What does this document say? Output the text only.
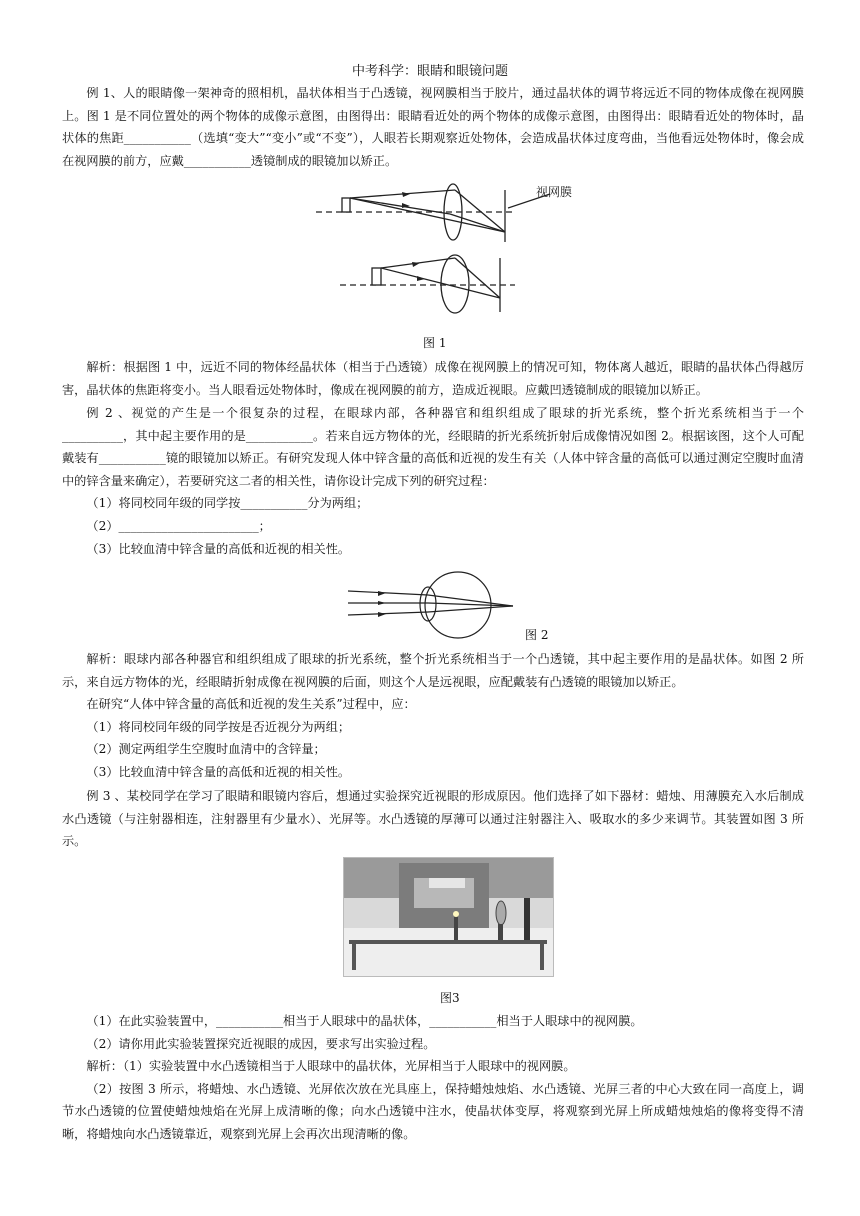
中考科学：眼睛和眼镜问题

例 1、人的眼睛像一架神奇的照相机，晶状体相当于凸透镜，视网膜相当于胶片，通过晶状体的调节将远近不同的物体成像在视网膜上。图 1 是不同位置处的两个物体的成像示意图，由图得出：眼睛看近处的两个物体的成像示意图，由图得出：眼睛看近处的物体时，晶状体的焦距___________（选填“变大”“变小”或“不变”），人眼若长期观察近处物体，会造成晶状体过度弯曲，当他看远处物体时，像会成在视网膜的前方，应戴___________透镜制成的眼镜加以矫正。

视网膜
图 1

解析：根据图 1 中，远近不同的物体经晶状体（相当于凸透镜）成像在视网膜上的情况可知，物体离人越近，眼睛的晶状体凸得越厉害，晶状体的焦距将变小。当人眼看远处物体时，像成在视网膜的前方，造成近视眼。应戴凹透镜制成的眼镜加以矫正。

例 2 、视觉的产生是一个很复杂的过程，在眼球内部，各种器官和组织组成了眼球的折光系统，整个折光系统相当于一个__________，其中起主要作用的是___________。若来自远方物体的光，经眼睛的折光系统折射后成像情况如图 2。根据该图，这个人可配戴装有___________镜的眼镜加以矫正。有研究发现人体中锌含量的高低和近视的发生有关（人体中锌含量的高低可以通过测定空腹时血清中的锌含量来确定），若要研究这二者的相关性，请你设计完成下列的研究过程：

（1）将同校同年级的同学按___________分为两组；

（2）_______________________；

（3）比较血清中锌含量的高低和近视的相关性。

图 2

解析：眼球内部各种器官和组织组成了眼球的折光系统，整个折光系统相当于一个凸透镜，其中起主要作用的是晶状体。如图 2 所示，来自远方物体的光，经眼睛折射成像在视网膜的后面，则这个人是远视眼，应配戴装有凸透镜的眼镜加以矫正。

在研究“人体中锌含量的高低和近视的发生关系”过程中，应：

（1）将同校同年级的同学按是否近视分为两组；

（2）测定两组学生空腹时血清中的含锌量；

（3）比较血清中锌含量的高低和近视的相关性。

例 3 、某校同学在学习了眼睛和眼镜内容后，想通过实验探究近视眼的形成原因。他们选择了如下器材：蜡烛、用薄膜充入水后制成水凸透镜（与注射器相连，注射器里有少量水）、光屏等。水凸透镜的厚薄可以通过注射器注入、吸取水的多少来调节。其装置如图 3 所示。

图3

（1）在此实验装置中，___________相当于人眼球中的晶状体，___________相当于人眼球中的视网膜。

（2）请你用此实验装置探究近视眼的成因，要求写出实验过程。

解析：（1）实验装置中水凸透镜相当于人眼球中的晶状体，光屏相当于人眼球中的视网膜。

（2）按图 3 所示，将蜡烛、水凸透镜、光屏依次放在光具座上，保持蜡烛烛焰、水凸透镜、光屏三者的中心大致在同一高度上，调节水凸透镜的位置使蜡烛烛焰在光屏上成清晰的像；向水凸透镜中注水，使晶状体变厚，将观察到光屏上所成蜡烛烛焰的像将变得不清晰，将蜡烛向水凸透镜靠近，观察到光屏上会再次出现清晰的像。
